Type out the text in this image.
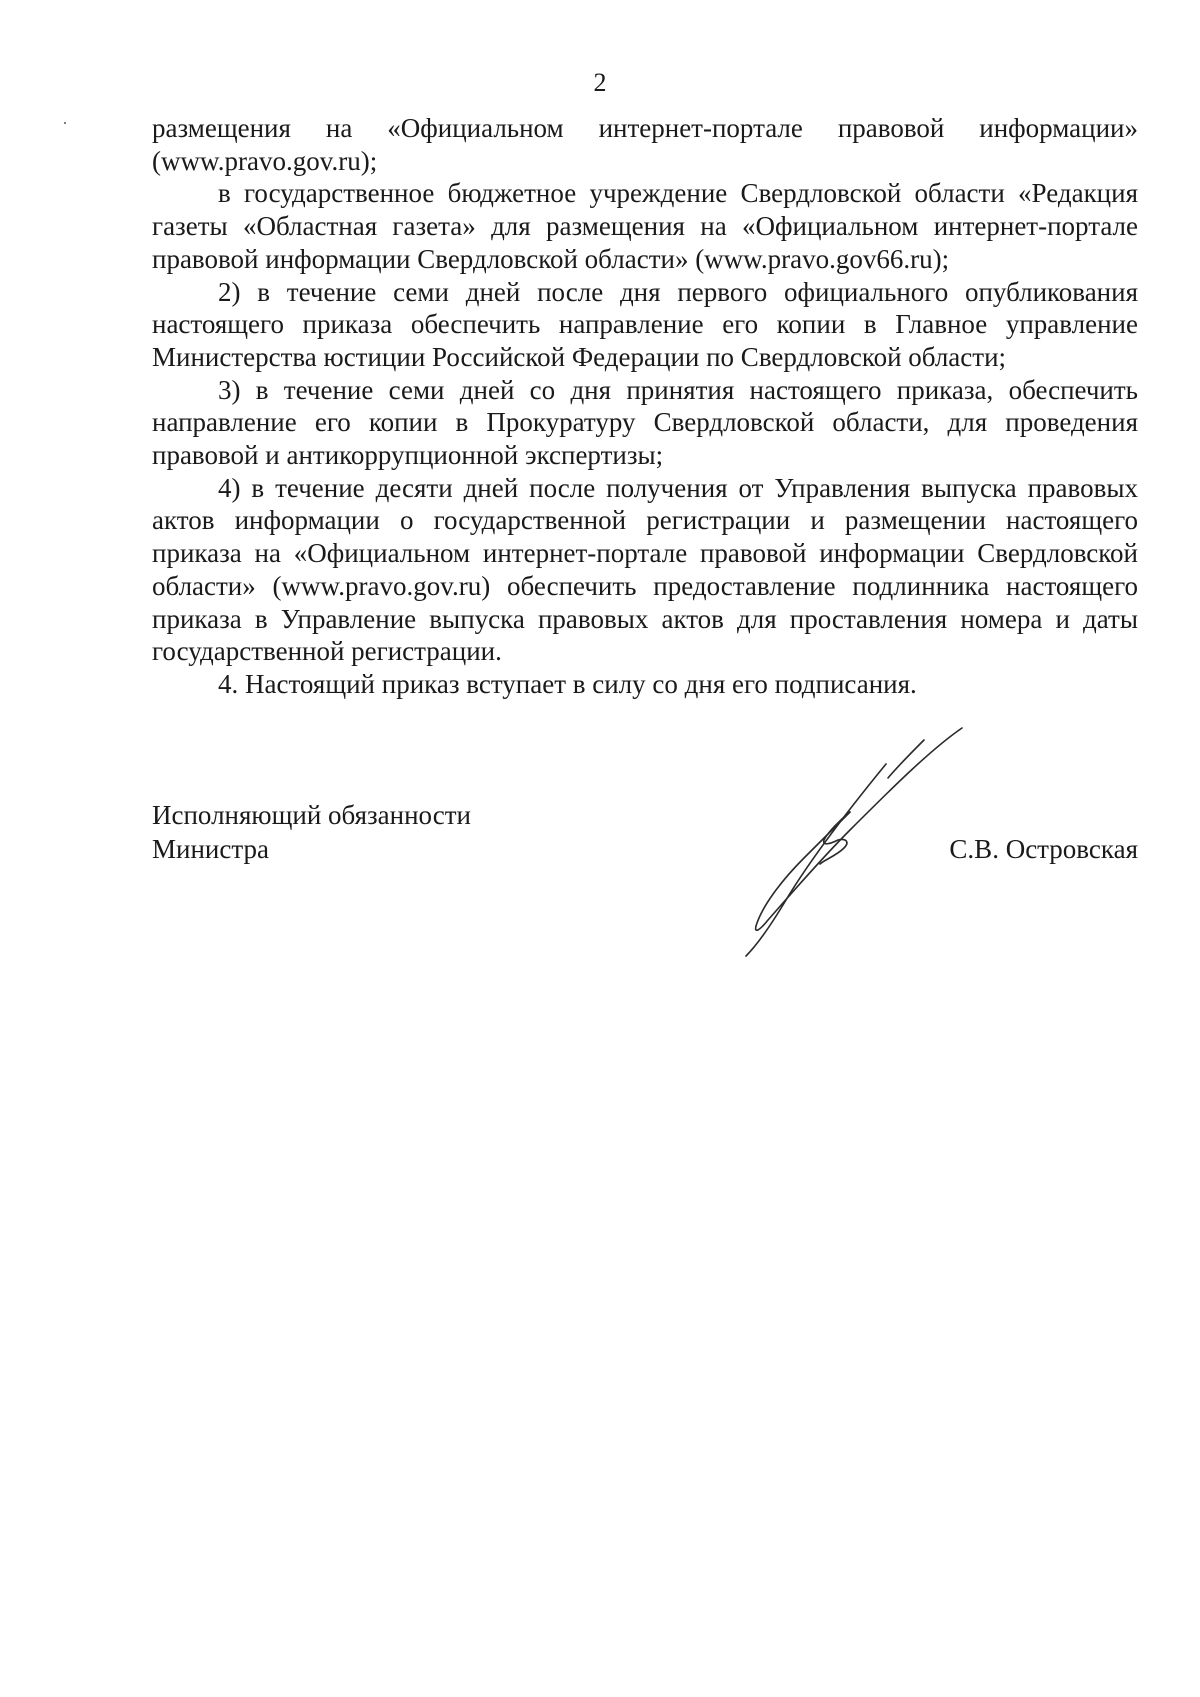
2

размещения на «Официальном интернет-портале правовой информации» (www.pravo.gov.ru);

в государственное бюджетное учреждение Свердловской области «Редакция газеты «Областная газета» для размещения на «Официальном интернет-портале правовой информации Свердловской области» (www.pravo.gov66.ru);

2) в течение семи дней после дня первого официального опубликования настоящего приказа обеспечить направление его копии в Главное управление Министерства юстиции Российской Федерации по Свердловской области;

3) в течение семи дней со дня принятия настоящего приказа, обеспечить направление его копии в Прокуратуру Свердловской области, для проведения правовой и антикоррупционной экспертизы;

4) в течение десяти дней после получения от Управления выпуска правовых актов информации о государственной регистрации и размещении настоящего приказа на «Официальном интернет-портале правовой информации Свердловской области» (www.pravo.gov.ru) обеспечить предоставление подлинника настоящего приказа в Управление выпуска правовых актов для проставления номера и даты государственной регистрации.

4. Настоящий приказ вступает в силу со дня его подписания.

Исполняющий обязанности
Министра	С.В. Островская
